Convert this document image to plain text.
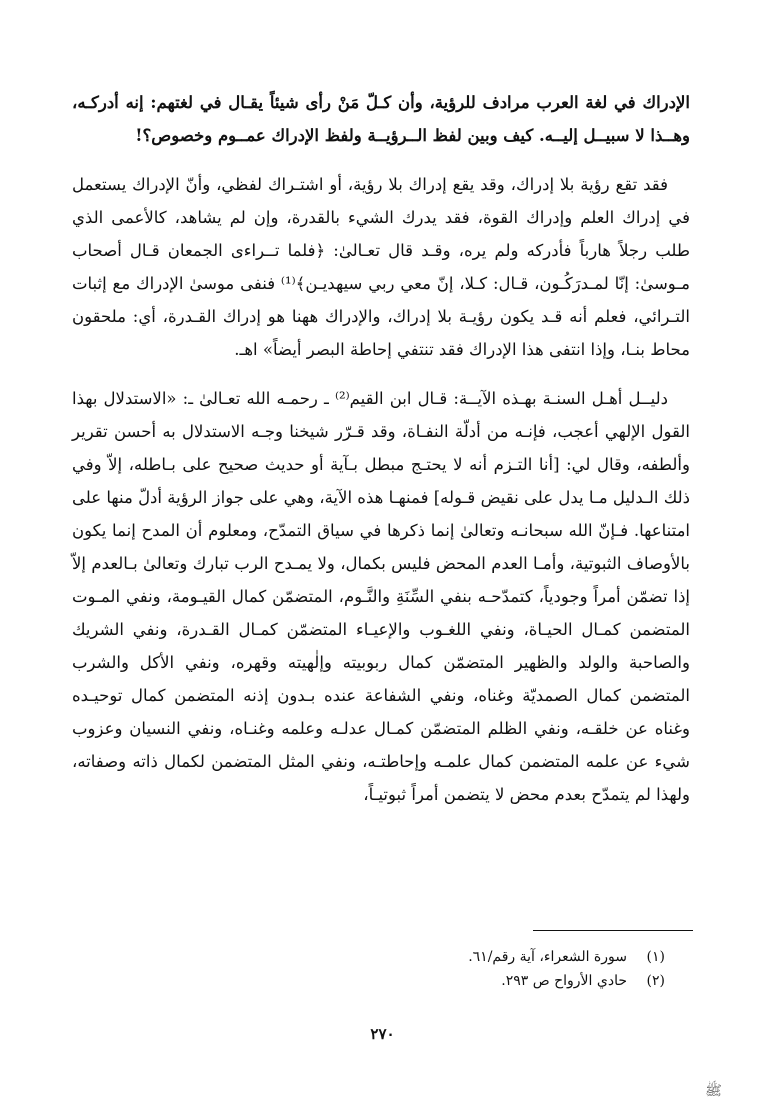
الإدراك في لغة العرب مرادف للرؤية، وأن كـلّ مَنْ رأى شيئاً يقـال في لغتهم: إنه أدركـه، وهــذا لا سبيــل إليــه. كيف وبين لفظ الــرؤيــة ولفظ الإدراك عمــوم وخصوص؟!

فقد تقع رؤية بلا إدراك، وقد يقع إدراك بلا رؤية، أو اشتـراك لفظي، وأنّ الإدراك يستعمل في إدراك العلم وإدراك القوة، فقد يدرك الشيء بالقدرة، وإن لم يشاهد، كالأعمى الذي طلب رجلاً هارباً فأدركه ولم يره، وقـد قال تعـالىٰ: ﴿فلما تــراءى الجمعان قـال أصحاب مـوسىٰ: إنّا لمـدرَكُـون، قـال: كـلا، إنّ معي ربي سيهديـن﴾⁽¹⁾ فنفى موسىٰ الإدراك مع إثبات التـرائي، فعلم أنه قـد يكون رؤيـة بلا إدراك، والإدراك ههنا هو إدراك القـدرة، أي: ملحقون محاط بنـا، وإذا انتفى هذا الإدراك فقد تنتفي إحاطة البصر أيضاً» اهـ.

دليــل أهـل السنـة بهـذه الآيــة: قـال ابن القيم⁽²⁾ ـ رحمـه الله تعـالىٰ ـ: «الاستدلال بهذا القول الإلهي أعجب، فإنـه من أدلّة النفـاة، وقد قـرّر شيخنا وجـه الاستدلال به أحسن تقرير وألطفه، وقال لي: [أنا التـزم أنه لا يحتـج مبطل بـآية أو حديث صحيح على بـاطله، إلاّ وفي ذلك الـدليل مـا يدل على نقيض قـوله] فمنهـا هذه الآية، وهي على جواز الرؤية أدلّ منها على امتناعها. فـإنّ الله سبحانـه وتعالىٰ إنما ذكرها في سياق التمدّح، ومعلوم أن المدح إنما يكون بالأوصاف الثبوتية، وأمـا العدم المحض فليس بكمال، ولا يمـدح الرب تبارك وتعالىٰ بـالعدم إلاّ إذا تضمّن أمراً وجودياً، كتمدّحـه بنفي السِّنَةِ والنَّـوم، المتضمّن كمال القيـومة، ونفي المـوت المتضمن كمـال الحيـاة، ونفي اللغـوب والإعيـاء المتضمّن كمـال القـدرة، ونفي الشريك والصاحبة والولد والظهير المتضمّن كمال ربوبيته وإلٰهيته وقهره، ونفي الأكل والشرب المتضمن كمال الصمديّة وغناه، ونفي الشفاعة عنده بـدون إذنه المتضمن كمال توحيـده وغناه عن خلقـه، ونفي الظلم المتضمّن كمـال عدلـه وعلمه وغنـاه، ونفي النسيان وعزوب شيء عن علمه المتضمن كمال علمـه وإحاطتـه، ونفي المثل المتضمن لكمال ذاته وصفاته، ولهذا لم يتمدّح بعدم محض لا يتضمن أمراً ثبوتيـاً،

(١)
سورة الشعراء، آية رقم/٦١.
(٢)
حادي الأرواح ص ٢٩٣.
٢٧٠
ﷺ
